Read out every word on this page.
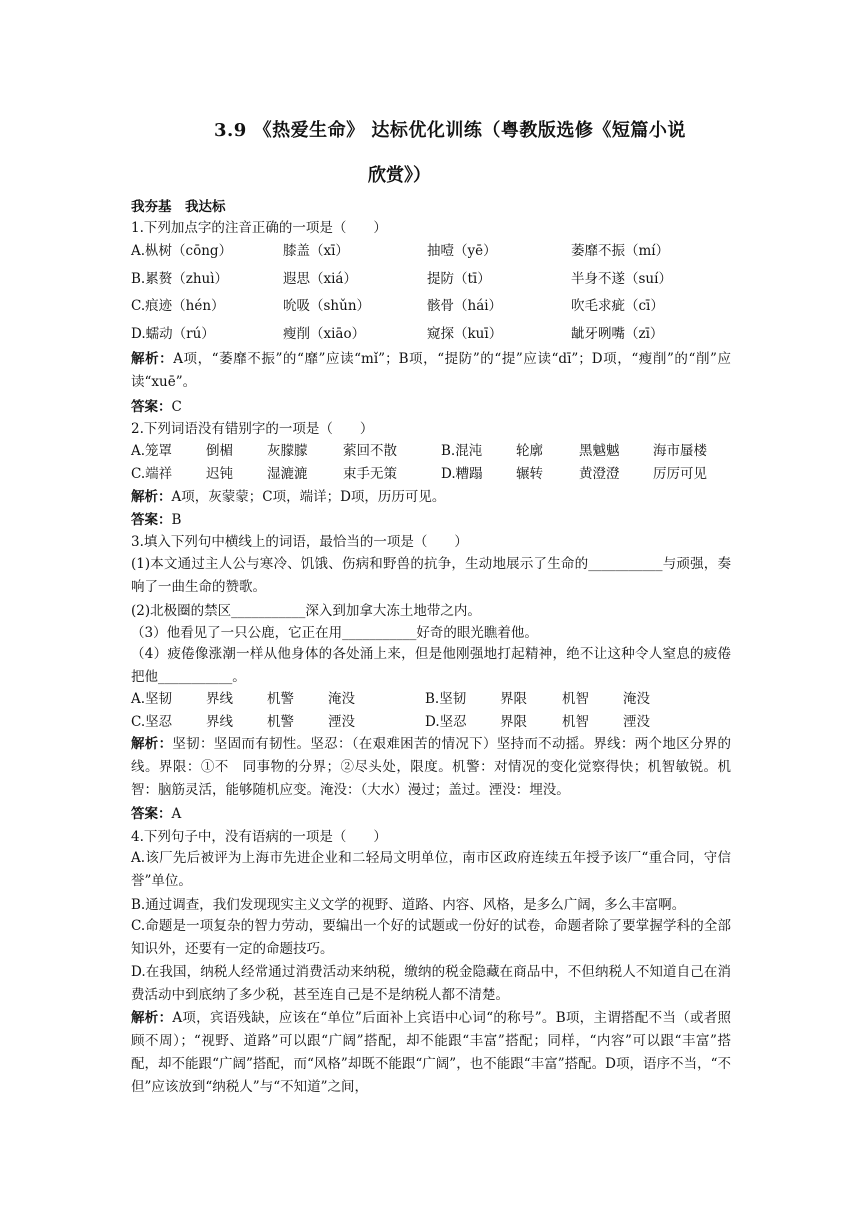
3.9 《热爱生命》 达标优化训练（粤教版选修《短篇小说
欣赏》）
我夯基　我达标
1.下列加点字的注音正确的一项是（　　）
A.枞树（cōng）	膝盖（xī）	抽噎（yē）	萎靡不振（mí）
B.累赘（zhuì）	遐思（xiá）	提防（tī）	半身不遂（suí）
C.痕迹（hén）	吮吸（shǔn）	骸骨（hái）	吹毛求疵（cī）
D.蠕动（rú）	瘦削（xiāo）	窥探（kuī）	龇牙咧嘴（zī）
解析：A项，“萎靡不振”的“靡”应读“mǐ”；B项，“提防”的“提”应读“dī”；D项，“瘦削”的“削”应读“xuē”。
答案：C
2.下列词语没有错别字的一项是（　　）
A.笼罩	倒楣	灰朦朦	萦回不散	B.混沌	轮廓	黑魆魆 海市蜃楼
C.端祥	迟钝	湿漉漉	束手无策	D.糟蹋 辗转	黄澄澄 厉厉可见
解析：A项，灰蒙蒙；C项，端详；D项，历历可见。
答案：B
3.填入下列句中横线上的词语，最恰当的一项是（　　）
(1)本文通过主人公与寒冷、饥饿、伤病和野兽的抗争，生动地展示了生命的___________与顽强，奏响了一曲生命的赞歌。
(2)北极圈的禁区___________深入到加拿大冻土地带之内。
（3）他看见了一只公鹿，它正在用___________好奇的眼光瞧着他。
（4）疲倦像涨潮一样从他身体的各处涌上来，但是他刚强地打起精神，绝不让这种令人窒息的疲倦把他___________。
A.坚韧	界线	机警	淹没	B.坚韧	界限	机智	淹没
C.坚忍	界线	机警	湮没	D.坚忍 界限	机智	湮没
解析：坚韧：坚固而有韧性。坚忍：（在艰难困苦的情况下）坚持而不动摇。界线：两个地区分界的线。界限：①不　同事物的分界；②尽头处，限度。机警：对情况的变化觉察得快；机智敏锐。机智：脑筋灵活，能够随机应变。淹没：（大水）漫过；盖过。湮没：埋没。
答案：A
4.下列句子中，没有语病的一项是（　　）
A.该厂先后被评为上海市先进企业和二轻局文明单位，南市区政府连续五年授予该厂“重合同，守信誉”单位。
B.通过调查，我们发现现实主义文学的视野、道路、内容、风格，是多么广阔，多么丰富啊。
C.命题是一项复杂的智力劳动，要编出一个好的试题或一份好的试卷，命题者除了要掌握学科的全部知识外，还要有一定的命题技巧。
D.在我国，纳税人经常通过消费活动来纳税，缴纳的税金隐藏在商品中，不但纳税人不知道自己在消费活动中到底纳了多少税，甚至连自己是不是纳税人都不清楚。
解析：A项，宾语残缺，应该在“单位”后面补上宾语中心词“的称号”。B项，主谓搭配不当（或者照顾不周）；“视野、道路”可以跟“广阔”搭配，却不能跟“丰富”搭配；同样，“内容”可以跟“丰富”搭配，却不能跟“广阔”搭配，而“风格”却既不能跟“广阔”，也不能跟“丰富”搭配。D项，语序不当，“不但”应该放到“纳税人”与“不知道”之间，
